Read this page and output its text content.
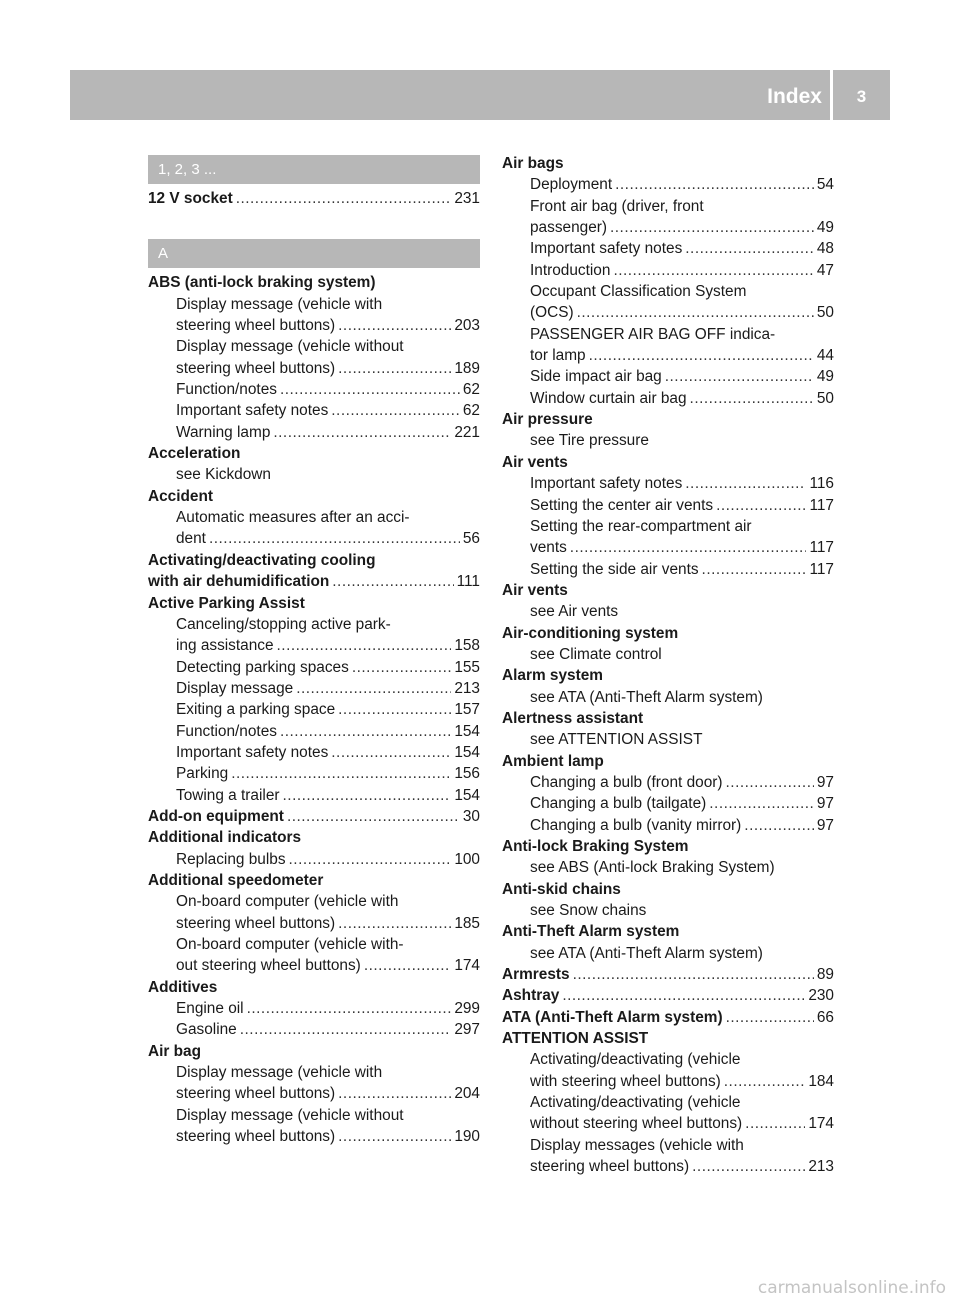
Index	3
1, 2, 3 ...
12 V socket .....	231
A
ABS (anti-lock braking system)
Display message (vehicle with
steering wheel buttons) .....	203
Display message (vehicle without
steering wheel buttons) .....	189
Function/notes .....	62
Important safety notes .....	62
Warning lamp .....	221
Acceleration
see Kickdown
Accident
Automatic measures after an acci-
dent .....	56
Activating/deactivating cooling
with air dehumidification .....	111
Active Parking Assist
Canceling/stopping active park-
ing assistance .....	158
Detecting parking spaces .....	155
Display message .....	213
Exiting a parking space .....	157
Function/notes .....	154
Important safety notes .....	154
Parking .....	156
Towing a trailer .....	154
Add-on equipment .....	30
Additional indicators
Replacing bulbs .....	100
Additional speedometer
On-board computer (vehicle with
steering wheel buttons) .....	185
On-board computer (vehicle with-
out steering wheel buttons) .....	174
Additives
Engine oil .....	299
Gasoline .....	297
Air bag
Display message (vehicle with
steering wheel buttons) .....	204
Display message (vehicle without
steering wheel buttons) .....	190
Air bags
Deployment .....	54
Front air bag (driver, front
passenger) .....	49
Important safety notes .....	48
Introduction .....	47
Occupant Classification System
(OCS) .....	50
PASSENGER AIR BAG OFF indica-
tor lamp .....	44
Side impact air bag .....	49
Window curtain air bag .....	50
Air pressure
see Tire pressure
Air vents
Important safety notes .....	116
Setting the center air vents .....	117
Setting the rear-compartment air
vents .....	117
Setting the side air vents .....	117
Air vents
see Air vents
Air-conditioning system
see Climate control
Alarm system
see ATA (Anti-Theft Alarm system)
Alertness assistant
see ATTENTION ASSIST
Ambient lamp
Changing a bulb (front door) .....	97
Changing a bulb (tailgate) .....	97
Changing a bulb (vanity mirror) .....	97
Anti-lock Braking System
see ABS (Anti-lock Braking System)
Anti-skid chains
see Snow chains
Anti-Theft Alarm system
see ATA (Anti-Theft Alarm system)
Armrests .....	89
Ashtray .....	230
ATA (Anti-Theft Alarm system) .....	66
ATTENTION ASSIST
Activating/deactivating (vehicle
with steering wheel buttons) .....	184
Activating/deactivating (vehicle
without steering wheel buttons) .....	174
Display messages (vehicle with
steering wheel buttons) .....	213
carmanualsonline.info
